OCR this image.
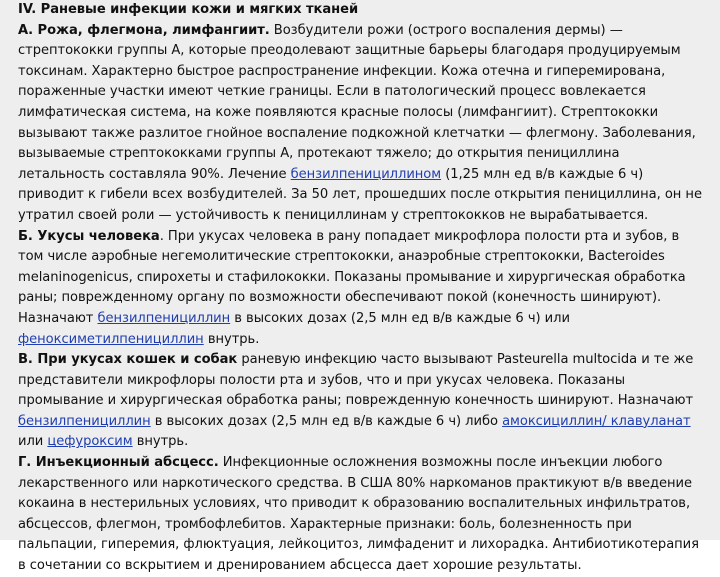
IV. Раневые инфекции кожи и мягких тканей
А. Рожа, флегмона, лимфангиит. Возбудители рожи (острого воспаления дермы) — стрептококки группы А, которые преодолевают защитные барьеры благодаря продуцируемым токсинам. Характерно быстрое распространение инфекции. Кожа отечна и гиперемирована, пораженные участки имеют четкие границы. Если в патологический процесс вовлекается лимфатическая система, на коже появляются красные полосы (лимфангиит). Стрептококки вызывают также разлитое гнойное воспаление подкожной клетчатки — флегмону. Заболевания, вызываемые стрептококками группы А, протекают тяжело; до открытия пенициллина летальность составляла 90%. Лечение бензилпенициллином (1,25 млн ед в/в каждые 6 ч) приводит к гибели всех возбудителей. За 50 лет, прошедших после открытия пенициллина, он не утратил своей роли — устойчивость к пенициллинам у стрептококков не вырабатывается.
Б. Укусы человека. При укусах человека в рану попадает микрофлора полости рта и зубов, в том числе аэробные негемолитические стрептококки, анаэробные стрептококки, Bacteroides melaninogenicus, спирохеты и стафилококки. Показаны промывание и хирургическая обработка раны; поврежденному органу по возможности обеспечивают покой (конечность шинируют). Назначают бензилпенициллин в высоких дозах (2,5 млн ед в/в каждые 6 ч) или феноксиметилпенициллин внутрь.
В. При укусах кошек и собак раневую инфекцию часто вызывают Pasteurella multocida и те же представители микрофлоры полости рта и зубов, что и при укусах человека. Показаны промывание и хирургическая обработка раны; поврежденную конечность шинируют. Назначают бензилпенициллин в высоких дозах (2,5 млн ед в/в каждые 6 ч) либо амоксициллин/ клавуланат или цефуроксим внутрь.
Г. Инъекционный абсцесс. Инфекционные осложнения возможны после инъекции любого лекарственного или наркотического средства. В США 80% наркоманов практикуют в/в введение кокаина в нестерильных условиях, что приводит к образованию воспалительных инфильтратов, абсцессов, флегмон, тромбофлебитов. Характерные признаки: боль, болезненность при пальпации, гиперемия, флюктуация, лейкоцитоз, лимфаденит и лихорадка. Антибиотикотерапия в сочетании со вскрытием и дренированием абсцесса дает хорошие результаты.
